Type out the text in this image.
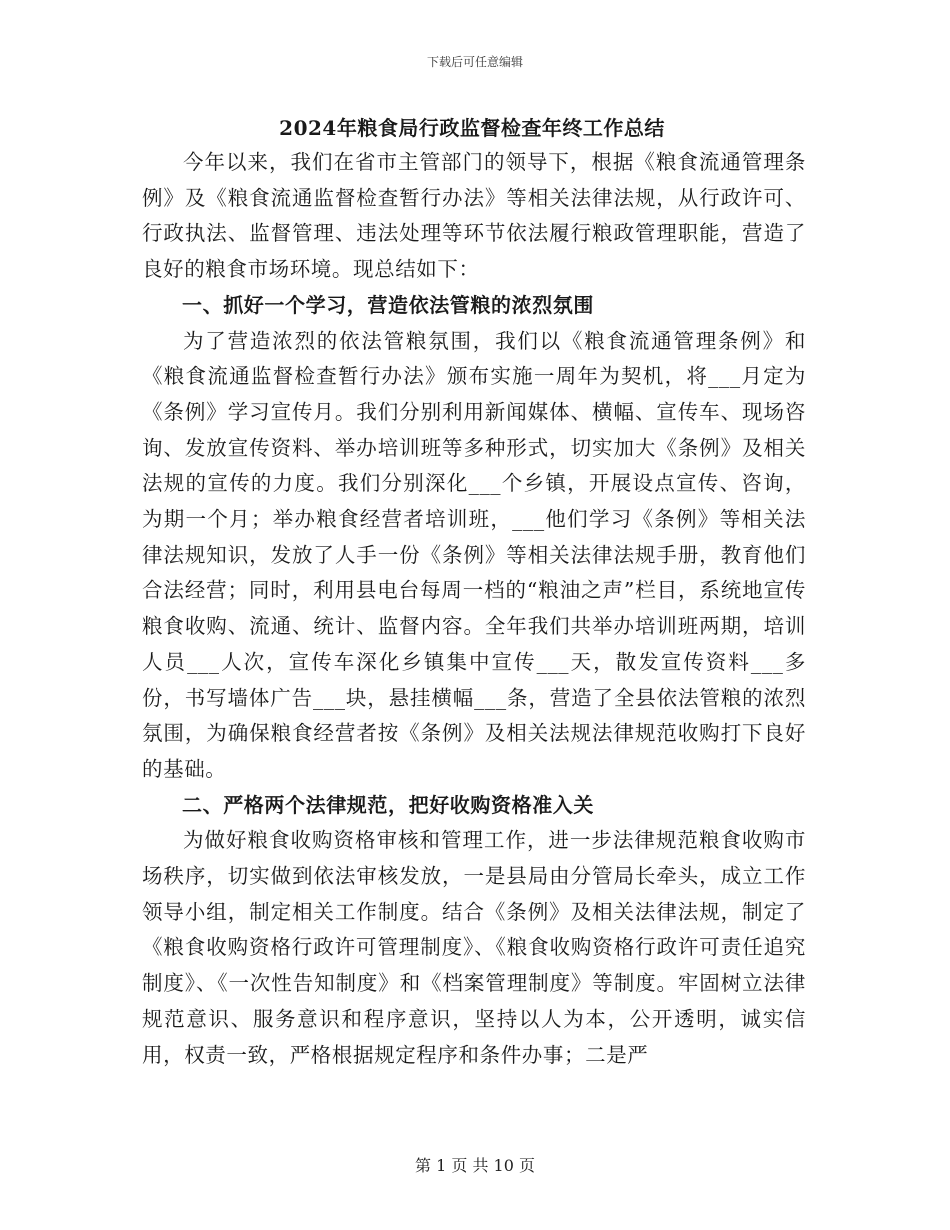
下载后可任意编辑
2024年粮食局行政监督检查年终工作总结

今年以来，我们在省市主管部门的领导下，根据《粮食流通管理条例》及《粮食流通监督检查暂行办法》等相关法律法规，从行政许可、行政执法、监督管理、违法处理等环节依法履行粮政管理职能，营造了良好的粮食市场环境。现总结如下：

一、抓好一个学习，营造依法管粮的浓烈氛围

为了营造浓烈的依法管粮氛围，我们以《粮食流通管理条例》和《粮食流通监督检查暂行办法》颁布实施一周年为契机，将___月定为《条例》学习宣传月。我们分别利用新闻媒体、横幅、宣传车、现场咨询、发放宣传资料、举办培训班等多种形式，切实加大《条例》及相关法规的宣传的力度。我们分别深化___个乡镇，开展设点宣传、咨询，为期一个月；举办粮食经营者培训班，___他们学习《条例》等相关法律法规知识，发放了人手一份《条例》等相关法律法规手册，教育他们合法经营；同时，利用县电台每周一档的“粮油之声”栏目，系统地宣传粮食收购、流通、统计、监督内容。全年我们共举办培训班两期，培训人员___人次，宣传车深化乡镇集中宣传___天，散发宣传资料___多份，书写墙体广告___块，悬挂横幅___条，营造了全县依法管粮的浓烈氛围，为确保粮食经营者按《条例》及相关法规法律规范收购打下良好的基础。

二、严格两个法律规范，把好收购资格准入关

为做好粮食收购资格审核和管理工作，进一步法律规范粮食收购市场秩序，切实做到依法审核发放，一是县局由分管局长牵头，成立工作领导小组，制定相关工作制度。结合《条例》及相关法律法规，制定了《粮食收购资格行政许可管理制度》、《粮食收购资格行政许可责任追究制度》、《一次性告知制度》和《档案管理制度》等制度。牢固树立法律规范意识、服务意识和程序意识，坚持以人为本，公开透明，诚实信用，权责一致，严格根据规定程序和条件办事；二是严

第 1 页 共 10 页
